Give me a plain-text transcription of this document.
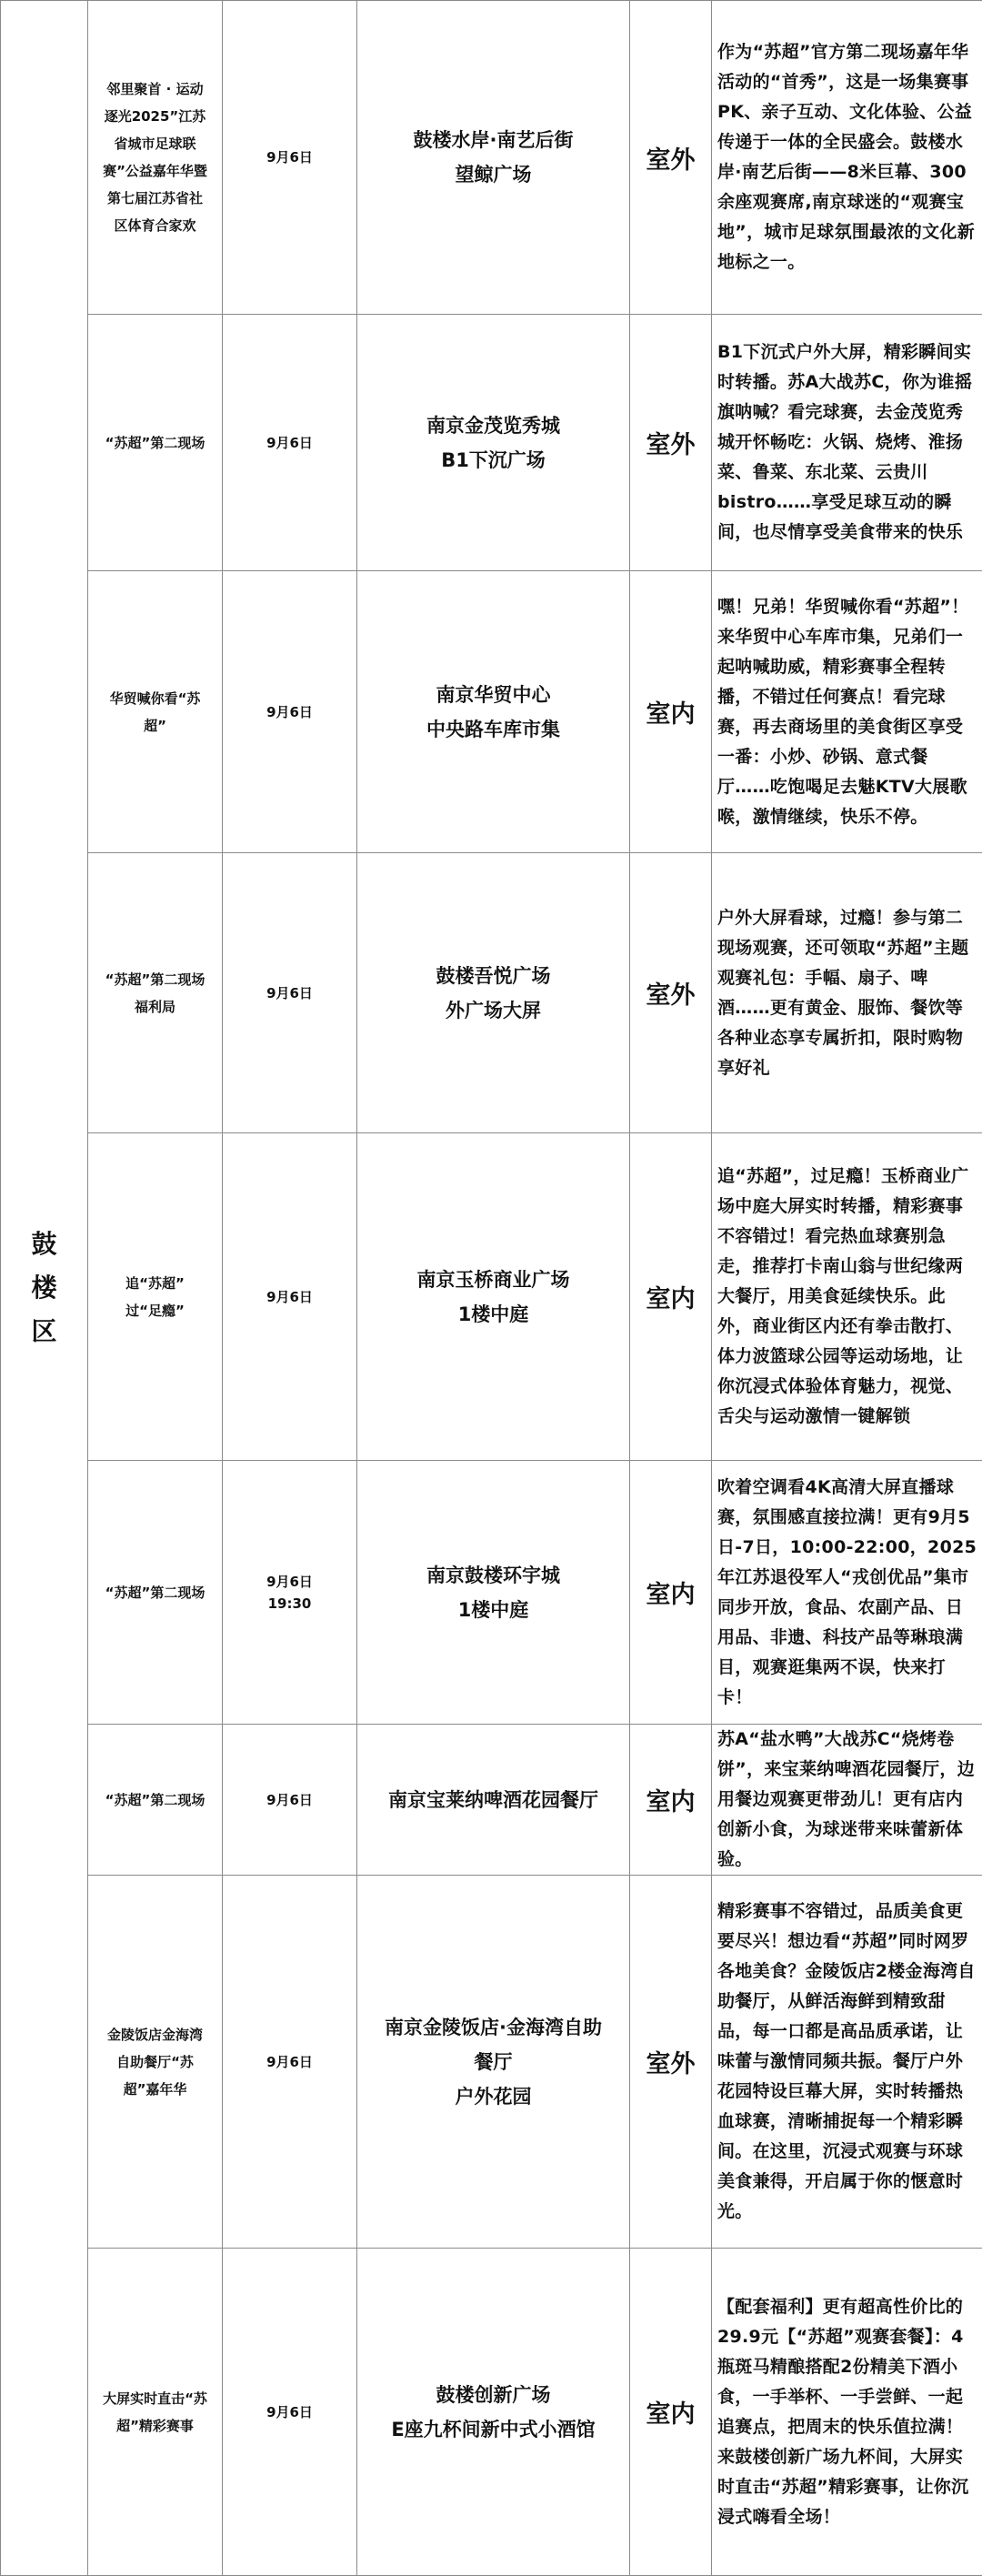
鼓楼区	邻里聚首 · 运动逐光2025”江苏省城市足球联赛”公益嘉年华暨第七届江苏省社区体育合家欢	9月6日	鼓楼水岸·南艺后街
望鲸广场	室外	作为“苏超”官方第二现场嘉年华活动的“首秀”，这是一场集赛事 PK、亲子互动、文化体验、公益传递于一体的全民盛会。鼓楼水岸·南艺后街——8米巨幕、300余座观赛席,南京球迷的“观赛宝地”，城市足球氛围最浓的文化新地标之一。
	“苏超”第二现场	9月6日	南京金茂览秀城
B1下沉广场	室外	B1下沉式户外大屏，精彩瞬间实时转播。苏A大战苏C，你为谁摇旗呐喊？看完球赛，去金茂览秀城开怀畅吃：火锅、烧烤、淮扬菜、鲁菜、东北菜、云贵川bistro……享受足球互动的瞬间，也尽情享受美食带来的快乐
	华贸喊你看“苏超”	9月6日	南京华贸中心
中央路车库市集	室内	嘿！兄弟！华贸喊你看“苏超”！来华贸中心车库市集，兄弟们一起呐喊助威，精彩赛事全程转播，不错过任何赛点！看完球赛，再去商场里的美食街区享受一番：小炒、砂锅、意式餐厅……吃饱喝足去魅KTV大展歌喉，激情继续，快乐不停。
	“苏超”第二现场福利局	9月6日	鼓楼吾悦广场
外广场大屏	室外	户外大屏看球，过瘾！参与第二现场观赛，还可领取“苏超”主题观赛礼包：手幅、扇子、啤酒……更有黄金、服饰、餐饮等各种业态享专属折扣，限时购物享好礼
	追“苏超”
过“足瘾”	9月6日	南京玉桥商业广场
1楼中庭	室内	追“苏超”，过足瘾！玉桥商业广场中庭大屏实时转播，精彩赛事不容错过！看完热血球赛别急走，推荐打卡南山翁与世纪缘两大餐厅，用美食延续快乐。此外，商业街区内还有拳击散打、体力波篮球公园等运动场地，让你沉浸式体验体育魅力，视觉、舌尖与运动激情一键解锁
	“苏超”第二现场	9月6日
19:30	南京鼓楼环宇城
1楼中庭	室内	吹着空调看4K高清大屏直播球赛，氛围感直接拉满！更有9月5日-7日，10:00-22:00，2025年江苏退役军人“戎创优品”集市同步开放，食品、农副产品、日用品、非遗、科技产品等琳琅满目，观赛逛集两不误，快来打卡！
	“苏超”第二现场	9月6日	南京宝莱纳啤酒花园餐厅	室内	苏A“盐水鸭”大战苏C“烧烤卷饼”，来宝莱纳啤酒花园餐厅，边用餐边观赛更带劲儿！更有店内创新小食，为球迷带来味蕾新体验。
	金陵饭店金海湾自助餐厅“苏超”嘉年华	9月6日	南京金陵饭店·金海湾自助餐厅
户外花园	室外	精彩赛事不容错过，品质美食更要尽兴！想边看“苏超”同时网罗各地美食？金陵饭店2楼金海湾自助餐厅，从鲜活海鲜到精致甜品，每一口都是高品质承诺，让味蕾与激情同频共振。餐厅户外花园特设巨幕大屏，实时转播热血球赛，清晰捕捉每一个精彩瞬间。在这里，沉浸式观赛与环球美食兼得，开启属于你的惬意时光。
	大屏实时直击“苏超”精彩赛事	9月6日	鼓楼创新广场
E座九杯间新中式小酒馆	室内	【配套福利】更有超高性价比的29.9元【“苏超”观赛套餐】：4瓶斑马精酿搭配2份精美下酒小食，一手举杯、一手尝鲜、一起追赛点，把周末的快乐值拉满！来鼓楼创新广场九杯间，大屏实时直击“苏超”精彩赛事，让你沉浸式嗨看全场！
